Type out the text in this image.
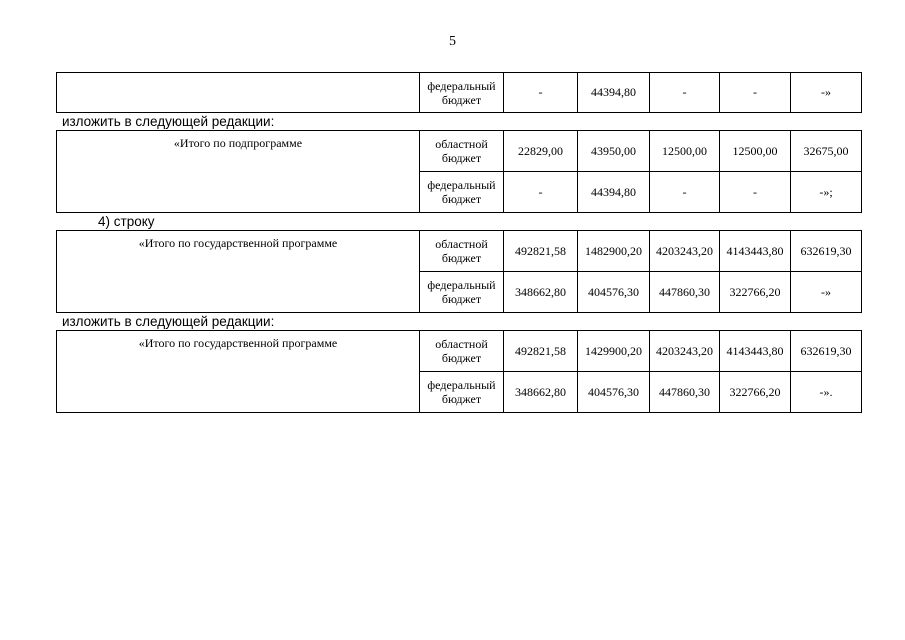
5
	федеральный бюджет	-	44394,80	-	-	-»
изложить в следующей редакции:
«Итого по подпрограмме	областной бюджет	22829,00	43950,00	12500,00	12500,00	32675,00
	федеральный бюджет	-	44394,80	-	-	-»;
4) строку
«Итого по государственной программе	областной бюджет	492821,58	1482900,20	4203243,20	4143443,80	632619,30
	федеральный бюджет	348662,80	404576,30	447860,30	322766,20	-»
изложить в следующей редакции:
«Итого по государственной программе	областной бюджет	492821,58	1429900,20	4203243,20	4143443,80	632619,30
	федеральный бюджет	348662,80	404576,30	447860,30	322766,20	-».
